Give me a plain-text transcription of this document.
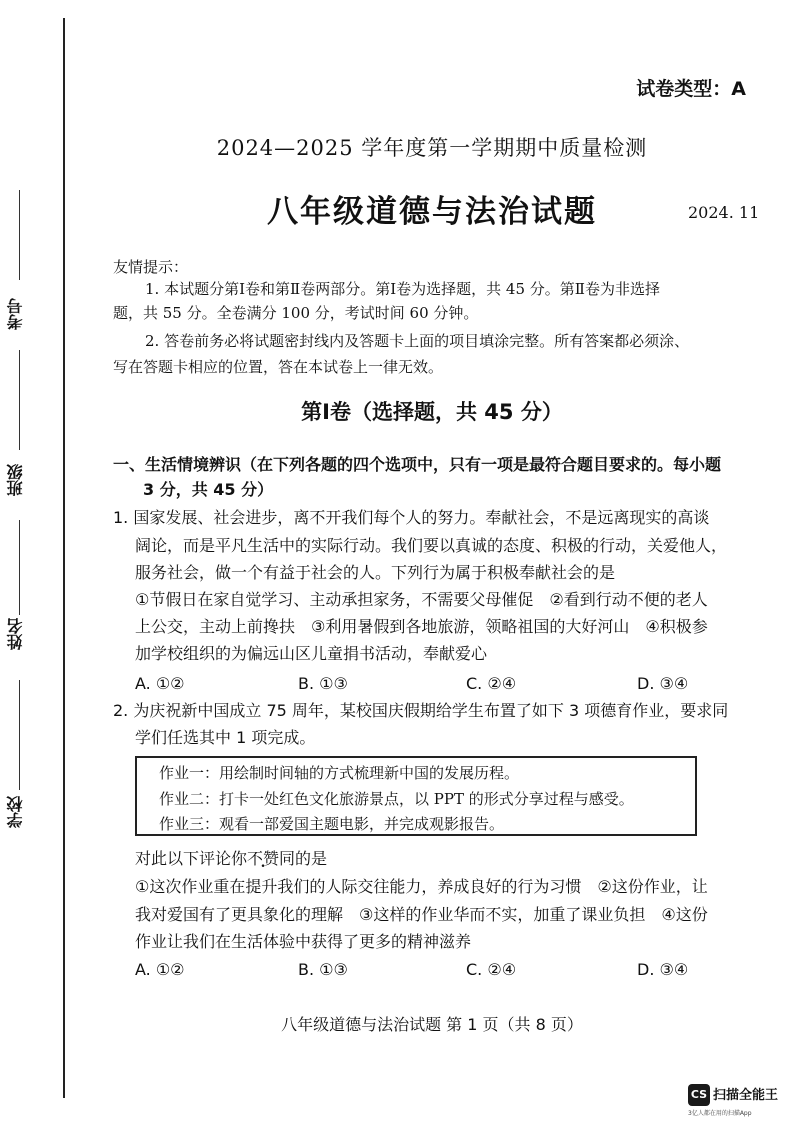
考号
班级
姓名
学校
试卷类型：A
2024—2025 学年度第一学期期中质量检测
八年级道德与法治试题	2024. 11
友情提示：
1. 本试题分第Ⅰ卷和第Ⅱ卷两部分。第Ⅰ卷为选择题，共 45 分。第Ⅱ卷为非选择
题，共 55 分。全卷满分 100 分，考试时间 60 分钟。
2. 答卷前务必将试题密封线内及答题卡上面的项目填涂完整。所有答案都必须涂、
写在答题卡相应的位置，答在本试卷上一律无效。
第Ⅰ卷（选择题，共 45 分）
一、生活情境辨识（在下列各题的四个选项中，只有一项是最符合题目要求的。每小题
3 分，共 45 分）
1. 国家发展、社会进步，离不开我们每个人的努力。奉献社会，不是远离现实的高谈
阔论，而是平凡生活中的实际行动。我们要以真诚的态度、积极的行动，关爱他人，
服务社会，做一个有益于社会的人。下列行为属于积极奉献社会的是
①节假日在家自觉学习、主动承担家务，不需要父母催促　②看到行动不便的老人
上公交，主动上前搀扶　③利用暑假到各地旅游，领略祖国的大好河山　④积极参
加学校组织的为偏远山区儿童捐书活动，奉献爱心
A. ①②	B. ①③	C. ②④	D. ③④
2. 为庆祝新中国成立 75 周年，某校国庆假期给学生布置了如下 3 项德育作业，要求同
学们任选其中 1 项完成。
作业一：用绘制时间轴的方式梳理新中国的发展历程。
作业二：打卡一处红色文化旅游景点，以 PPT 的形式分享过程与感受。
作业三：观看一部爱国主题电影，并完成观影报告。
对此以下评论你不赞同的是
①这次作业重在提升我们的人际交往能力，养成良好的行为习惯　②这份作业，让
我对爱国有了更具象化的理解　③这样的作业华而不实，加重了课业负担　④这份
作业让我们在生活体验中获得了更多的精神滋养
A. ①②	B. ①③	C. ②④	D. ③④
八年级道德与法治试题 第 1 页（共 8 页）
CS 扫描全能王
3亿人都在用的扫描App
